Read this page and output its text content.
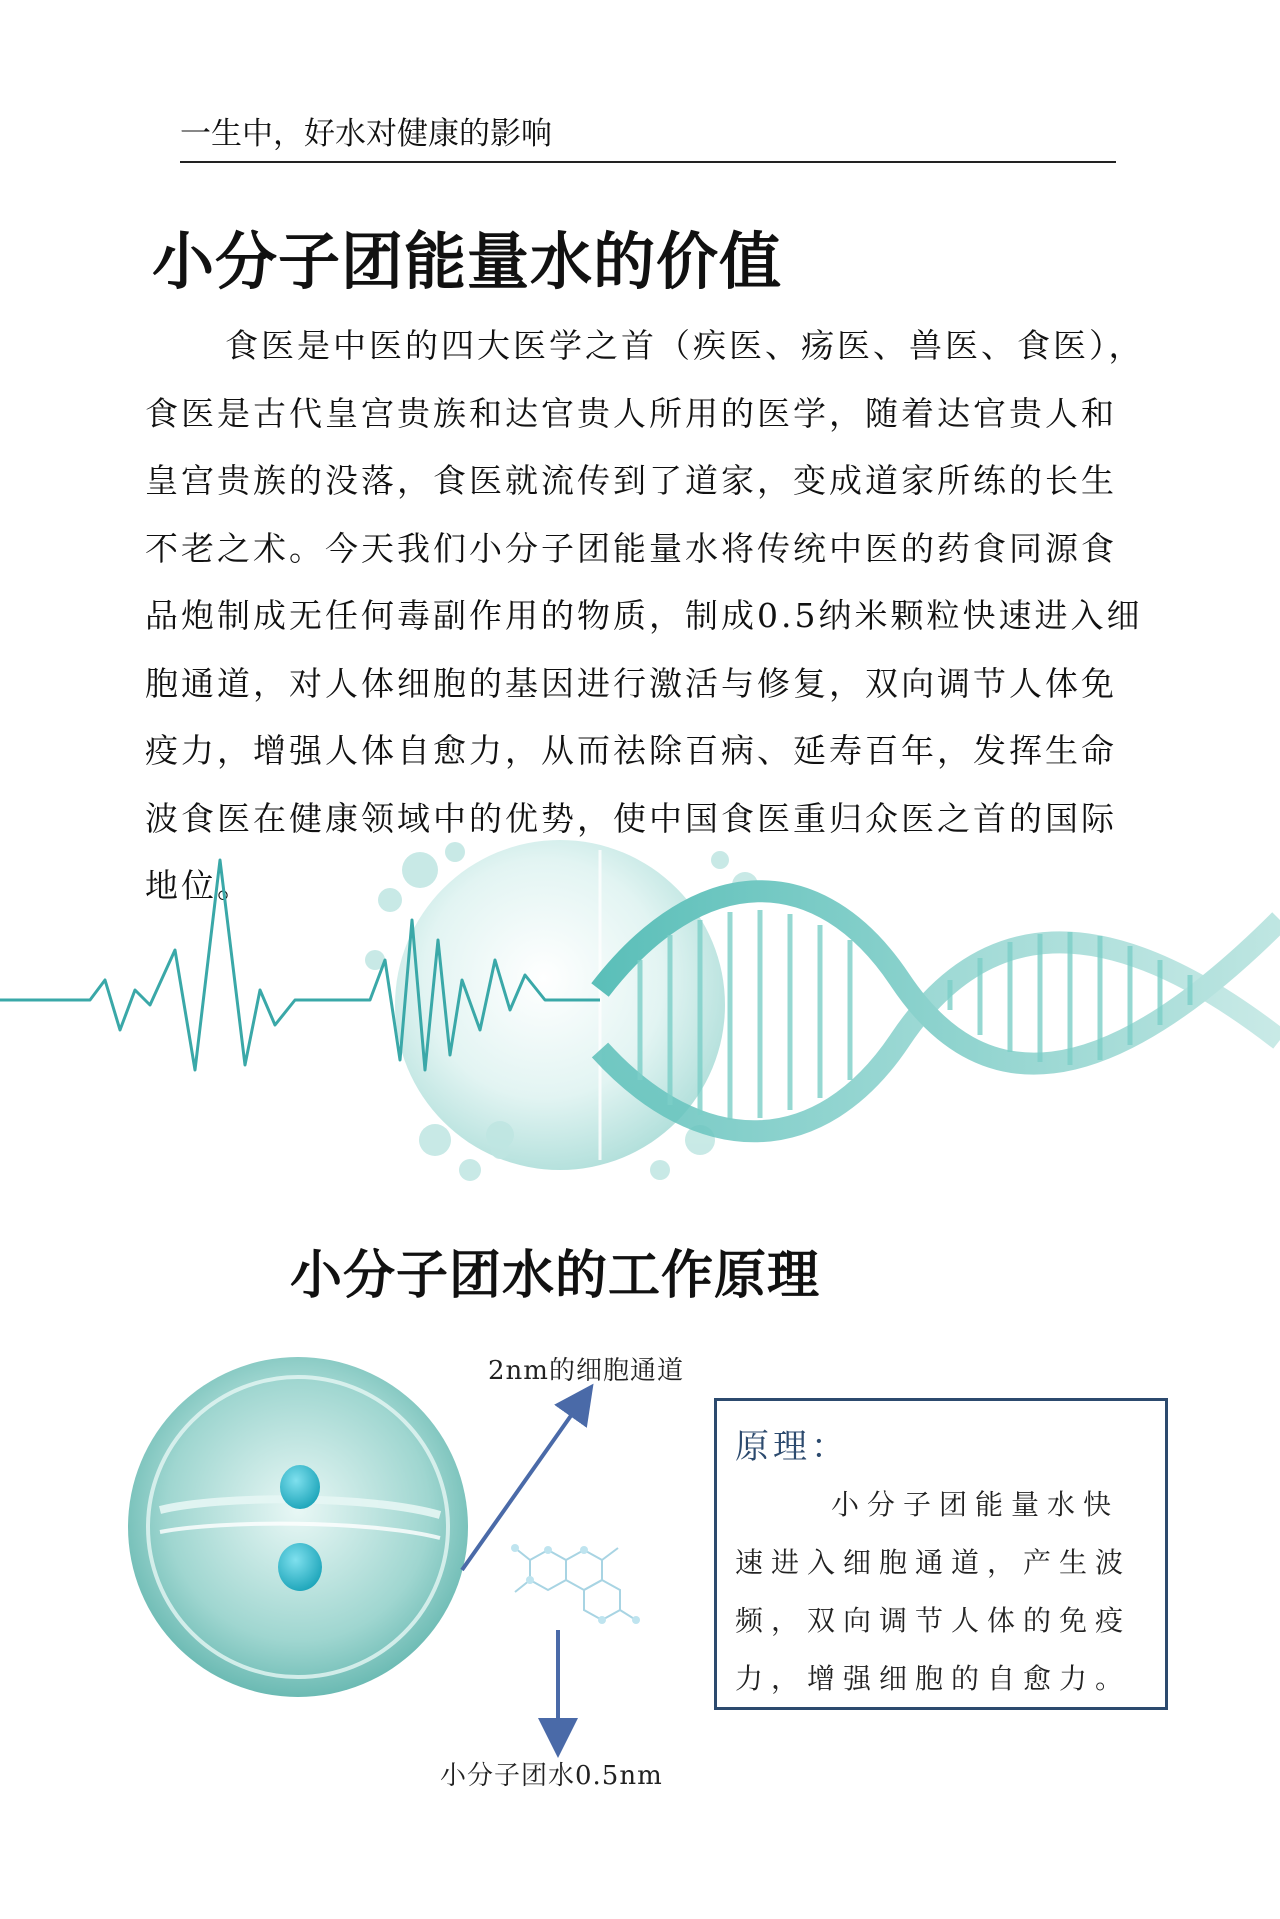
一生中，好水对健康的影响
小分子团能量水的价值

食医是中医的四大医学之首（疾医、疡医、兽医、食医），食医是古代皇宫贵族和达官贵人所用的医学，随着达官贵人和皇宫贵族的没落，食医就流传到了道家，变成道家所练的长生不老之术。今天我们小分子团能量水将传统中医的药食同源食品炮制成无任何毒副作用的物质，制成0.5纳米颗粒快速进入细胞通道，对人体细胞的基因进行激活与修复，双向调节人体免疫力，增强人体自愈力，从而祛除百病、延寿百年，发挥生命波食医在健康领域中的优势，使中国食医重归众医之首的国际地位。

小分子团水的工作原理
2nm的细胞通道
小分子团水0.5nm

原理：

小分子团能量水快速进入细胞通道，产生波频，双向调节人体的免疫力，增强细胞的自愈力。
